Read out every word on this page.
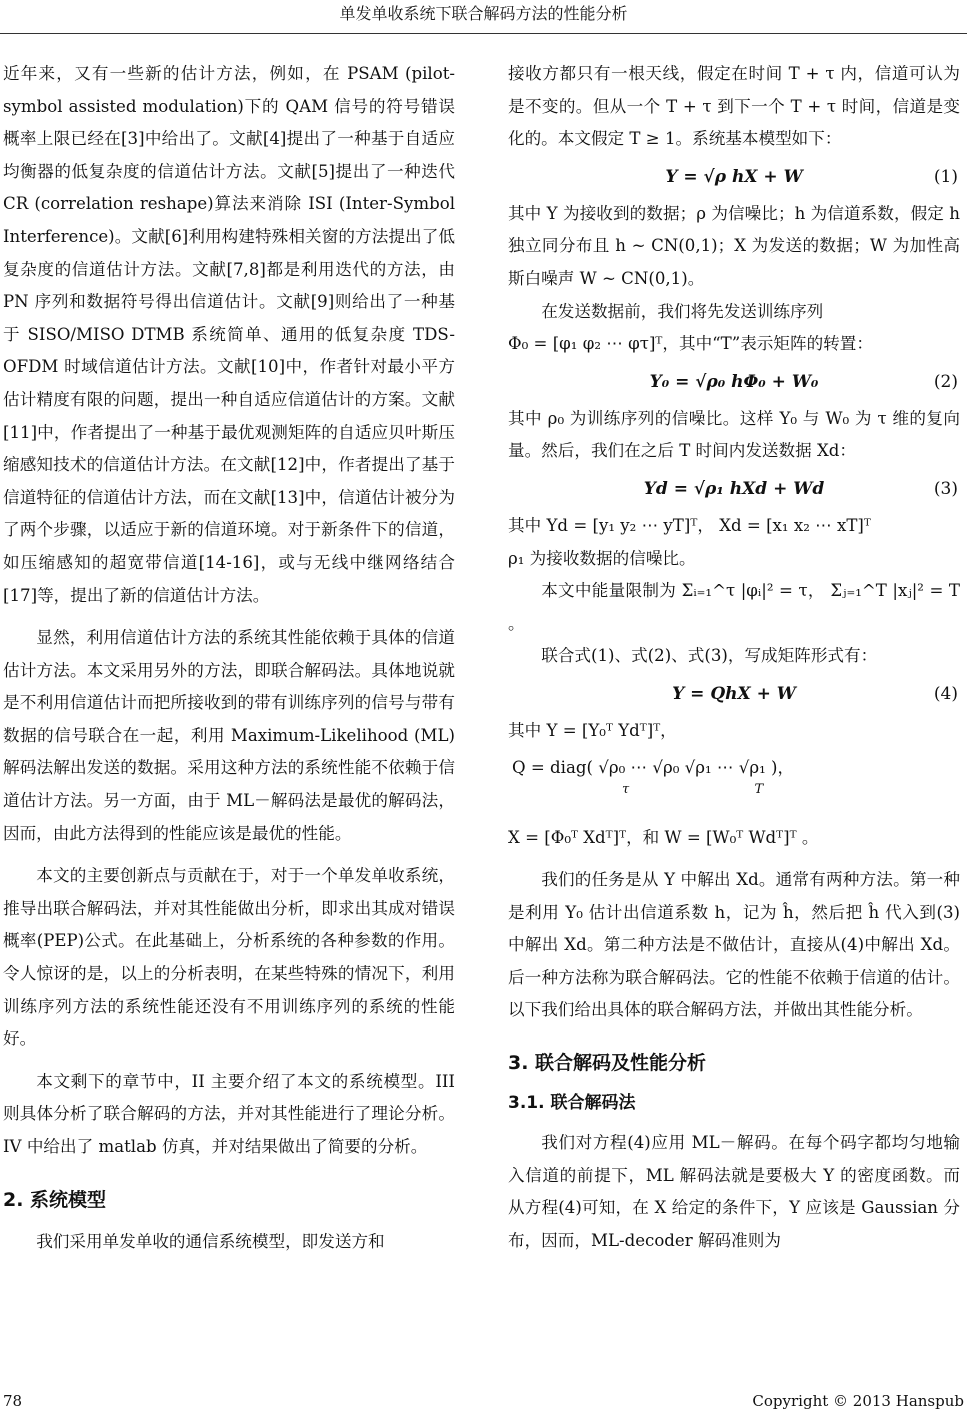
单发单收系统下联合解码方法的性能分析

近年来，又有一些新的估计方法，例如，在 PSAM (pilot-symbol assisted modulation)下的 QAM 信号的符号错误概率上限已经在[3]中给出了。文献[4]提出了一种基于自适应均衡器的低复杂度的信道估计方法。文献[5]提出了一种迭代 CR (correlation reshape)算法来消除 ISI (Inter-Symbol Interference)。文献[6]利用构建特殊相关窗的方法提出了低复杂度的信道估计方法。文献[7,8]都是利用迭代的方法，由 PN 序列和数据符号得出信道估计。文献[9]则给出了一种基于 SISO/MISO DTMB 系统简单、通用的低复杂度 TDS-OFDM 时域信道估计方法。文献[10]中，作者针对最小平方估计精度有限的问题，提出一种自适应信道估计的方案。文献[11]中，作者提出了一种基于最优观测矩阵的自适应贝叶斯压缩感知技术的信道估计方法。在文献[12]中，作者提出了基于信道特征的信道估计方法，而在文献[13]中，信道估计被分为了两个步骤，以适应于新的信道环境。对于新条件下的信道，如压缩感知的超宽带信道[14-16]，或与无线中继网络结合[17]等，提出了新的信道估计方法。

显然，利用信道估计方法的系统其性能依赖于具体的信道估计方法。本文采用另外的方法，即联合解码法。具体地说就是不利用信道估计而把所接收到的带有训练序列的信号与带有数据的信号联合在一起，利用 Maximum-Likelihood (ML)解码法解出发送的数据。采用这种方法的系统性能不依赖于信道估计方法。另一方面，由于 ML－解码法是最优的解码法，因而，由此方法得到的性能应该是最优的性能。

本文的主要创新点与贡献在于，对于一个单发单收系统，推导出联合解码法，并对其性能做出分析，即求出其成对错误概率(PEP)公式。在此基础上，分析系统的各种参数的作用。令人惊讶的是，以上的分析表明，在某些特殊的情况下，利用训练序列方法的系统性能还没有不用训练序列的系统的性能好。

本文剩下的章节中，II 主要介绍了本文的系统模型。III 则具体分析了联合解码的方法，并对其性能进行了理论分析。IV 中给出了 matlab 仿真，并对结果做出了简要的分析。

2. 系统模型

我们采用单发单收的通信系统模型，即发送方和

接收方都只有一根天线，假定在时间 T + τ 内，信道可认为是不变的。但从一个 T + τ 到下一个 T + τ 时间，信道是变化的。本文假定 T ≥ 1。系统基本模型如下：

Y = √ρ hX + W	(1)

其中 Y 为接收到的数据；ρ 为信噪比；h 为信道系数，假定 h 独立同分布且 h ~ CN(0,1)；X 为发送的数据；W 为加性高斯白噪声 W ~ CN(0,1)。

在发送数据前，我们将先发送训练序列

Φ₀ = [φ₁ φ₂ ⋯ φτ]ᵀ，其中“T”表示矩阵的转置：

Y₀ = √ρ₀ hΦ₀ + W₀	(2)

其中 ρ₀ 为训练序列的信噪比。这样 Y₀ 与 W₀ 为 τ 维的复向量。然后，我们在之后 T 时间内发送数据 Xd：

Yd = √ρ₁ hXd + Wd	(3)

其中 Yd = [y₁ y₂ ⋯ yT]ᵀ， Xd = [x₁ x₂ ⋯ xT]ᵀ

ρ₁ 为接收数据的信噪比。

本文中能量限制为 Σᵢ₌₁^τ |φᵢ|² = τ， Σⱼ₌₁^T |xⱼ|² = T 。

联合式(1)、式(2)、式(3)，写成矩阵形式有：

Y = QhX + W	(4)

其中 Y = [Y₀ᵀ Ydᵀ]ᵀ，

Q = diag( √ρ₀ ⋯ √ρ₀ √ρ₁ ⋯ √ρ₁ )，
τ	T

X = [Φ₀ᵀ Xdᵀ]ᵀ，和 W = [W₀ᵀ Wdᵀ]ᵀ 。

我们的任务是从 Y 中解出 Xd。通常有两种方法。第一种是利用 Y₀ 估计出信道系数 h，记为 ĥ，然后把 ĥ 代入到(3)中解出 Xd。第二种方法是不做估计，直接从(4)中解出 Xd。后一种方法称为联合解码法。它的性能不依赖于信道的估计。以下我们给出具体的联合解码方法，并做出其性能分析。

3. 联合解码及性能分析
3.1. 联合解码法

我们对方程(4)应用 ML－解码。在每个码字都均匀地输入信道的前提下，ML 解码法就是要极大 Y 的密度函数。而从方程(4)可知，在 X 给定的条件下，Y 应该是 Gaussian 分布，因而，ML-decoder 解码准则为

78	Copyright © 2013 Hanspub
